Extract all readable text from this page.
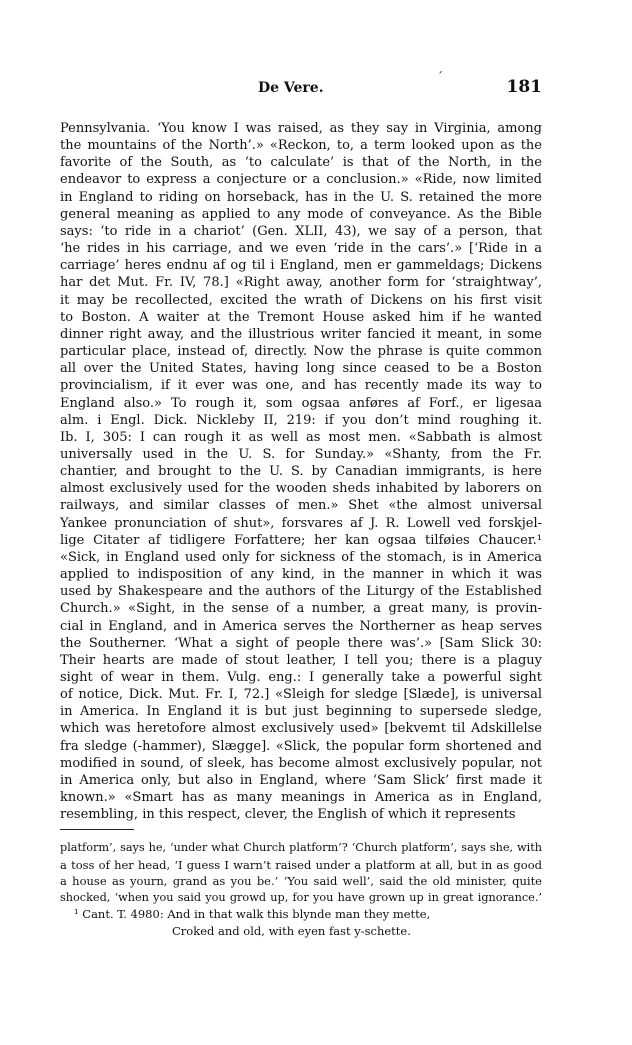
De Vere.
ˊ	181
Pennsylvania. ‘You know I was raised, as they say in Virginia, among
the mountains of the North’.» «Reckon, to, a term looked upon as the
favorite of the South, as ‘to calculate’ is that of the North, in the
endeavor to express a conjecture or a conclusion.» «Ride, now limited
in England to riding on horseback, has in the U. S. retained the more
general meaning as applied to any mode of conveyance. As the Bible
says: ‘to ride in a chariot’ (Gen. XLII, 43), we say of a person, that
‘he rides in his carriage, and we even ‘ride in the cars’.» [‘Ride in a
carriage’ heres endnu af og til i England, men er gammeldags; Dickens
har det Mut. Fr. IV, 78.] «Right away, another form for ‘straightway’,
it may be recollected, excited the wrath of Dickens on his first visit
to Boston. A waiter at the Tremont House asked him if he wanted
dinner right away, and the illustrious writer fancied it meant, in some
particular place, instead of, directly. Now the phrase is quite common
all over the United States, having long since ceased to be a Boston
provincialism, if it ever was one, and has recently made its way to
England also.» To rough it, som ogsaa anføres af Forf., er ligesaa
alm. i Engl. Dick. Nickleby II, 219: if you don’t mind roughing it.
Ib. I, 305: I can rough it as well as most men. «Sabbath is almost
universally used in the U. S. for Sunday.» «Shanty, from the Fr.
chantier, and brought to the U. S. by Canadian immigrants, is here
almost exclusively used for the wooden sheds inhabited by laborers on
railways, and similar classes of men.» Shet «the almost universal
Yankee pronunciation of shut», forsvares af J. R. Lowell ved forskjel-
lige Citater af tidligere Forfattere; her kan ogsaa tilføies Chaucer.¹
«Sick, in England used only for sickness of the stomach, is in America
applied to indisposition of any kind, in the manner in which it was
used by Shakespeare and the authors of the Liturgy of the Established
Church.» «Sight, in the sense of a number, a great many, is provin-
cial in England, and in America serves the Northerner as heap serves
the Southerner. ‘What a sight of people there was’.» [Sam Slick 30:
Their hearts are made of stout leather, I tell you; there is a plaguy
sight of wear in them. Vulg. eng.: I generally take a powerful sight
of notice, Dick. Mut. Fr. I, 72.] «Sleigh for sledge [Slæde], is universal
in America. In England it is but just beginning to supersede sledge,
which was heretofore almost exclusively used» [bekvemt til Adskillelse
fra sledge (-hammer), Slægge]. «Slick, the popular form shortened and
modified in sound, of sleek, has become almost exclusively popular, not
in America only, but also in England, where ‘Sam Slick’ first made it
known.» «Smart has as many meanings in America as in England,
resembling, in this respect, clever, the English of which it represents
platform’, says he, ‘under what Church platform’? ‘Church platform’, says she, with
a toss of her head, ‘I guess I warn’t raised under a platform at all, but in as good
a house as yourn, grand as you be.’ ‘You said well’, said the old minister, quite
shocked, ‘when you said you growd up, for you have grown up in great ignorance.’
¹ Cant. T. 4980: And in that walk this blynde man they mette,
Croked and old, with eyen fast y-schette.
